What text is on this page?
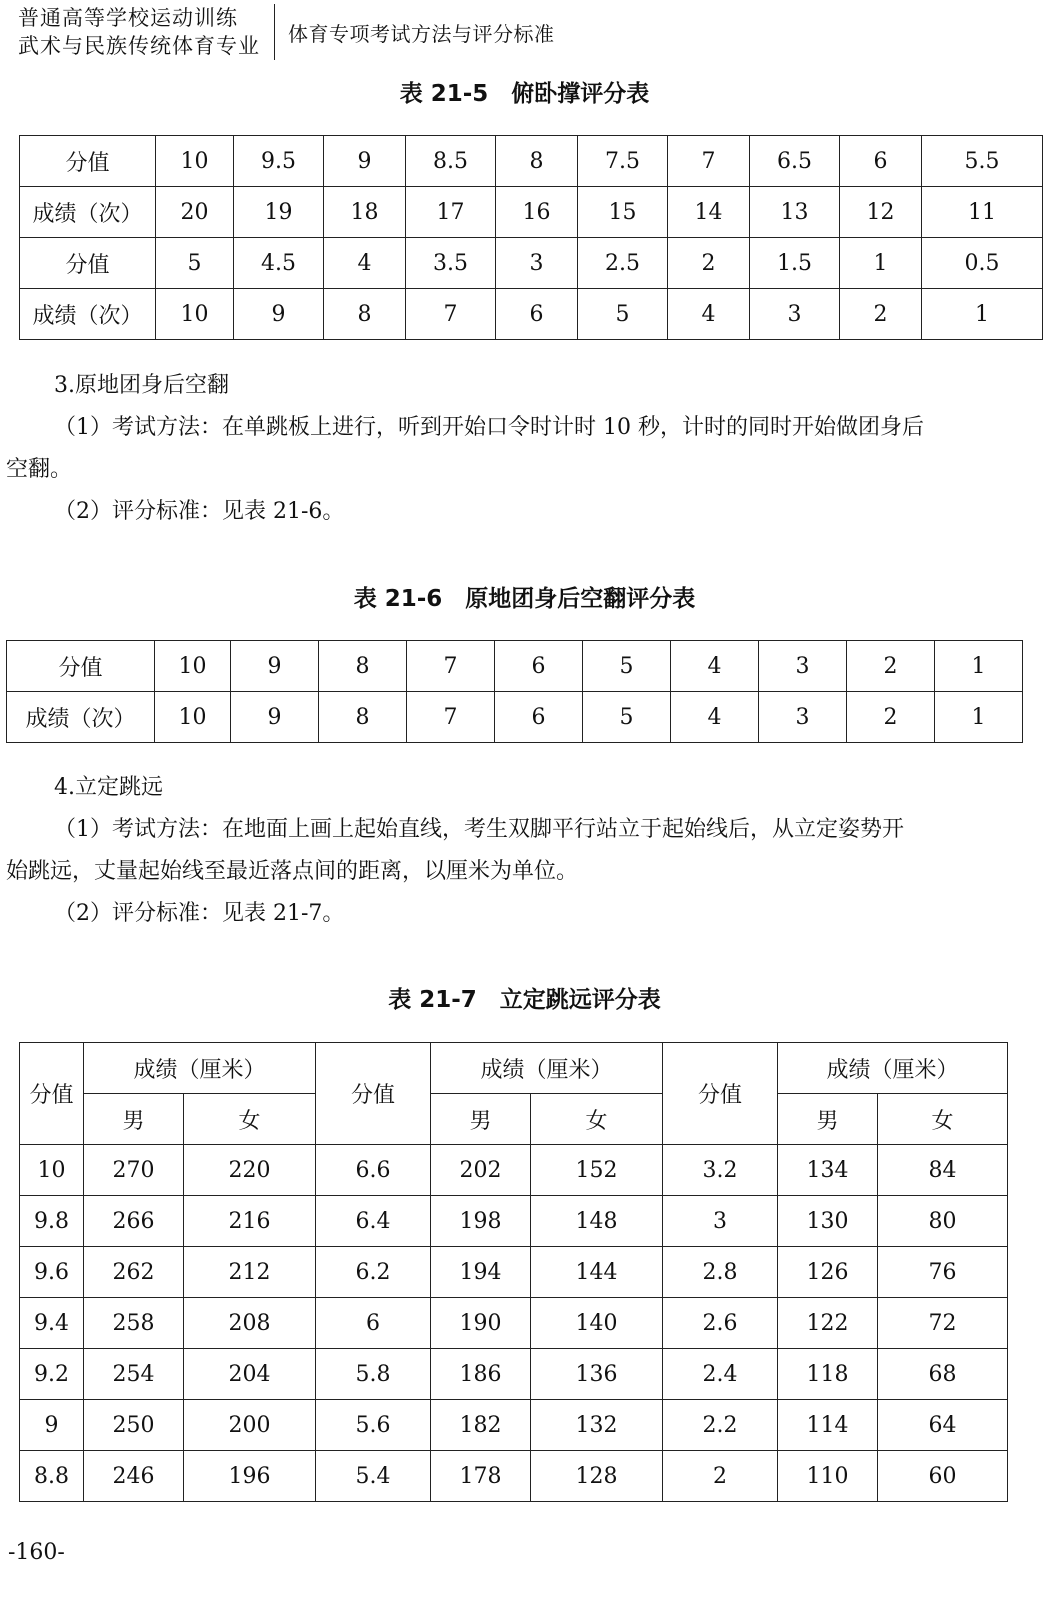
普通高等学校运动训练
武术与民族传统体育专业 体育专项考试方法与评分标准
表 21-5　俯卧撑评分表
分值	10	9.5	9	8.5	8	7.5	7	6.5	6	5.5
成绩（次）	20	19	18	17	16	15	14	13	12	11
分值	5	4.5	4	3.5	3	2.5	2	1.5	1	0.5
成绩（次）	10	9	8	7	6	5	4	3	2	1
3.原地团身后空翻
（1）考试方法：在单跳板上进行，听到开始口令时计时 10 秒，计时的同时开始做团身后
空翻。
（2）评分标准：见表 21-6。
表 21-6　原地团身后空翻评分表
分值	10	9	8	7	6	5	4	3	2	1
成绩（次）	10	9	8	7	6	5	4	3	2	1
4.立定跳远
（1）考试方法：在地面上画上起始直线，考生双脚平行站立于起始线后，从立定姿势开
始跳远，丈量起始线至最近落点间的距离，以厘米为单位。
（2）评分标准：见表 21-7。
表 21-7　立定跳远评分表
分值	成绩（厘米）		分值	成绩（厘米）		分值	成绩（厘米）	
	男	女		男	女		男	女
10	270	220	6.6	202	152	3.2	134	84
9.8	266	216	6.4	198	148	3	130	80
9.6	262	212	6.2	194	144	2.8	126	76
9.4	258	208	6	190	140	2.6	122	72
9.2	254	204	5.8	186	136	2.4	118	68
9	250	200	5.6	182	132	2.2	114	64
8.8	246	196	5.4	178	128	2	110	60
-160-
